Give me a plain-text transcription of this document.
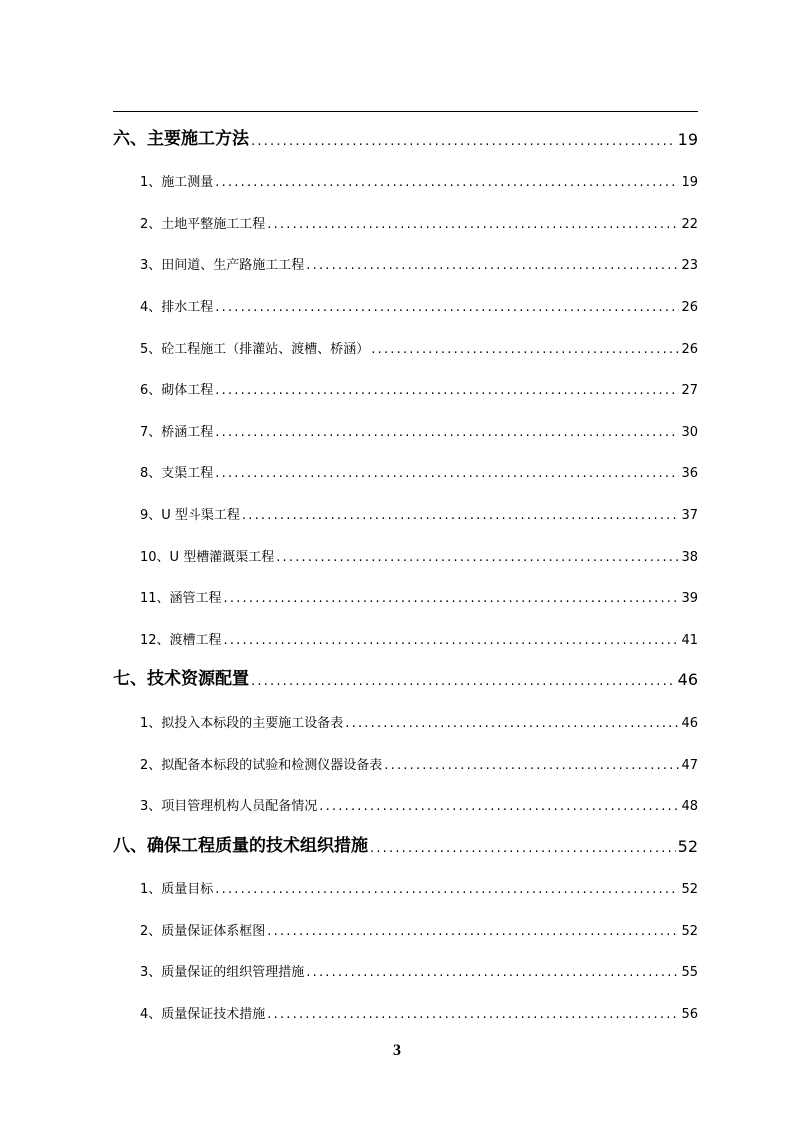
六、主要施工方法 .....	19
1、施工测量 .....	19
2、土地平整施工工程 .....	22
3、田间道、生产路施工工程 .....	23
4、排水工程 .....	26
5、砼工程施工（排灌站、渡槽、桥涵） .....	26
6、砌体工程 .....	27
7、桥涵工程 .....	30
8、支渠工程 .....	36
9、U 型斗渠工程 .....	37
10、U 型槽灌溉渠工程 .....	38
11、涵管工程 .....	39
12、渡槽工程 .....	41
七、技术资源配置 .....	46
1、拟投入本标段的主要施工设备表 .....	46
2、拟配备本标段的试验和检测仪器设备表 .....	47
3、项目管理机构人员配备情况 .....	48
八、确保工程质量的技术组织措施 .....	52
1、质量目标 .....	52
2、质量保证体系框图 .....	52
3、质量保证的组织管理措施 .....	55
4、质量保证技术措施 .....	56
3
